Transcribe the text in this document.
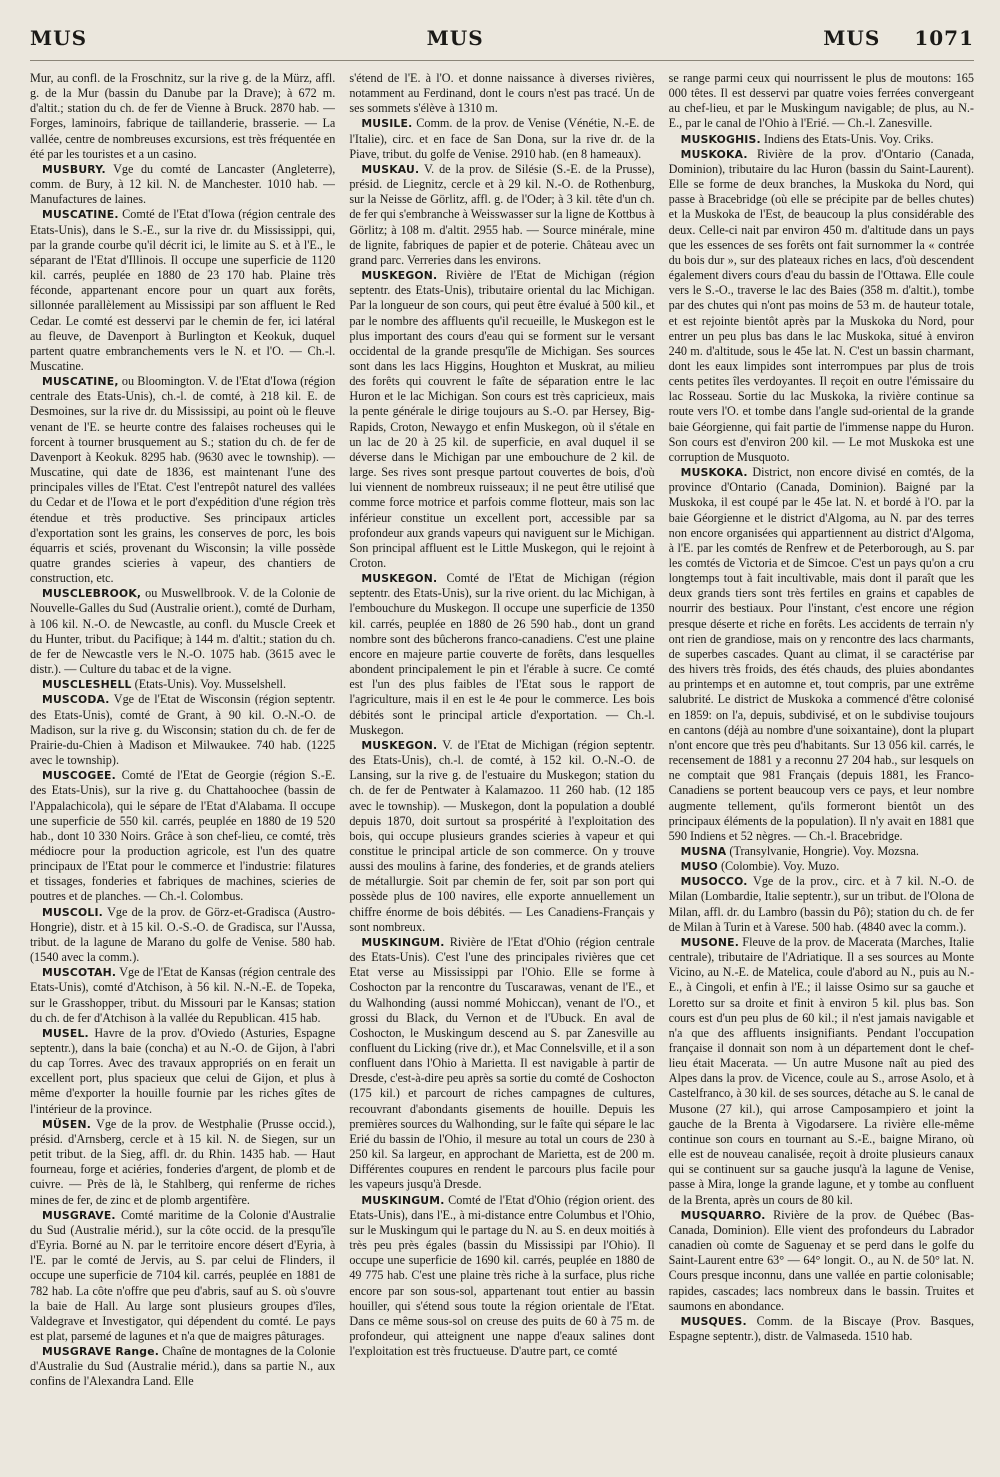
MUS	MUS	MUS 1071

Mur, au confl. de la Froschnitz, sur la rive g. de la Mürz, affl. g. de la Mur (bassin du Danube par la Drave); à 672 m. d'altit.; station du ch. de fer de Vienne à Bruck. 2870 hab. — Forges, laminoirs, fabrique de taillanderie, brasserie. — La vallée, centre de nombreuses excursions, est très fréquentée en été par les touristes et a un casino.

MUSBURY. Vge du comté de Lancaster (Angleterre), comm. de Bury, à 12 kil. N. de Manchester. 1010 hab. — Manufactures de laines.

MUSCATINE. Comté de l'Etat d'Iowa (région centrale des Etats-Unis), dans le S.-E., sur la rive dr. du Mississippi, qui, par la grande courbe qu'il décrit ici, le limite au S. et à l'E., le séparant de l'Etat d'Illinois. Il occupe une superficie de 1120 kil. carrés, peuplée en 1880 de 23 170 hab. Plaine très féconde, appartenant encore pour un quart aux forêts, sillonnée parallèlement au Mississipi par son affluent le Red Cedar. Le comté est desservi par le chemin de fer, ici latéral au fleuve, de Davenport à Burlington et Keokuk, duquel partent quatre embranchements vers le N. et l'O. — Ch.-l. Muscatine.

MUSCATINE, ou Bloomington. V. de l'Etat d'Iowa (région centrale des Etats-Unis), ch.-l. de comté, à 218 kil. E. de Desmoines, sur la rive dr. du Mississipi, au point où le fleuve venant de l'E. se heurte contre des falaises rocheuses qui le forcent à tourner brusquement au S.; station du ch. de fer de Davenport à Keokuk. 8295 hab. (9630 avec le township). — Muscatine, qui date de 1836, est maintenant l'une des principales villes de l'Etat. C'est l'entrepôt naturel des vallées du Cedar et de l'Iowa et le port d'expédition d'une région très étendue et très productive. Ses principaux articles d'exportation sont les grains, les conserves de porc, les bois équarris et sciés, provenant du Wisconsin; la ville possède quatre grandes scieries à vapeur, des chantiers de construction, etc.

MUSCLEBROOK, ou Muswellbrook. V. de la Colonie de Nouvelle-Galles du Sud (Australie orient.), comté de Durham, à 106 kil. N.-O. de Newcastle, au confl. du Muscle Creek et du Hunter, tribut. du Pacifique; à 144 m. d'altit.; station du ch. de fer de Newcastle vers le N.-O. 1075 hab. (3615 avec le distr.). — Culture du tabac et de la vigne.

MUSCLESHELL (Etats-Unis). Voy. Musselshell.

MUSCODA. Vge de l'Etat de Wisconsin (région septentr. des Etats-Unis), comté de Grant, à 90 kil. O.-N.-O. de Madison, sur la rive g. du Wisconsin; station du ch. de fer de Prairie-du-Chien à Madison et Milwaukee. 740 hab. (1225 avec le township).

MUSCOGEE. Comté de l'Etat de Georgie (région S.-E. des Etats-Unis), sur la rive g. du Chattahoochee (bassin de l'Appalachicola), qui le sépare de l'Etat d'Alabama. Il occupe une superficie de 550 kil. carrés, peuplée en 1880 de 19 520 hab., dont 10 330 Noirs. Grâce à son chef-lieu, ce comté, très médiocre pour la production agricole, est l'un des quatre principaux de l'Etat pour le commerce et l'industrie: filatures et tissages, fonderies et fabriques de machines, scieries de poutres et de planches. — Ch.-l. Colombus.

MUSCOLI. Vge de la prov. de Görz-et-Gradisca (Austro-Hongrie), distr. et à 15 kil. O.-S.-O. de Gradisca, sur l'Aussa, tribut. de la lagune de Marano du golfe de Venise. 580 hab. (1540 avec la comm.).

MUSCOTAH. Vge de l'Etat de Kansas (région centrale des Etats-Unis), comté d'Atchison, à 56 kil. N.-N.-E. de Topeka, sur le Grasshopper, tribut. du Missouri par le Kansas; station du ch. de fer d'Atchison à la vallée du Republican. 415 hab.

MUSEL. Havre de la prov. d'Oviedo (Asturies, Espagne septentr.), dans la baie (concha) et au N.-O. de Gijon, à l'abri du cap Torres. Avec des travaux appropriés on en ferait un excellent port, plus spacieux que celui de Gijon, et plus à même d'exporter la houille fournie par les riches gîtes de l'intérieur de la province.

MÜSEN. Vge de la prov. de Westphalie (Prusse occid.), présid. d'Arnsberg, cercle et à 15 kil. N. de Siegen, sur un petit tribut. de la Sieg, affl. dr. du Rhin. 1435 hab. — Haut fourneau, forge et aciéries, fonderies d'argent, de plomb et de cuivre. — Près de là, le Stahlberg, qui renferme de riches mines de fer, de zinc et de plomb argentifère.

MUSGRAVE. Comté maritime de la Colonie d'Australie du Sud (Australie mérid.), sur la côte occid. de la presqu'île d'Eyria. Borné au N. par le territoire encore désert d'Eyria, à l'E. par le comté de Jervis, au S. par celui de Flinders, il occupe une superficie de 7104 kil. carrés, peuplée en 1881 de 782 hab. La côte n'offre que peu d'abris, sauf au S. où s'ouvre la baie de Hall. Au large sont plusieurs groupes d'îles, Valdegrave et Investigator, qui dépendent du comté. Le pays est plat, parsemé de lagunes et n'a que de maigres pâturages.

MUSGRAVE Range. Chaîne de montagnes de la Colonie d'Australie du Sud (Australie mérid.), dans sa partie N., aux confins de l'Alexandra Land. Elle

s'étend de l'E. à l'O. et donne naissance à diverses rivières, notamment au Ferdinand, dont le cours n'est pas tracé. Un de ses sommets s'élève à 1310 m.

MUSILE. Comm. de la prov. de Venise (Vénétie, N.-E. de l'Italie), circ. et en face de San Dona, sur la rive dr. de la Piave, tribut. du golfe de Venise. 2910 hab. (en 8 hameaux).

MUSKAU. V. de la prov. de Silésie (S.-E. de la Prusse), présid. de Liegnitz, cercle et à 29 kil. N.-O. de Rothenburg, sur la Neisse de Görlitz, affl. g. de l'Oder; à 3 kil. tête d'un ch. de fer qui s'embranche à Weisswasser sur la ligne de Kottbus à Görlitz; à 108 m. d'altit. 2955 hab. — Source minérale, mine de lignite, fabriques de papier et de poterie. Château avec un grand parc. Verreries dans les environs.

MUSKEGON. Rivière de l'Etat de Michigan (région septentr. des Etats-Unis), tributaire oriental du lac Michigan. Par la longueur de son cours, qui peut être évalué à 500 kil., et par le nombre des affluents qu'il recueille, le Muskegon est le plus important des cours d'eau qui se forment sur le versant occidental de la grande presqu'île de Michigan. Ses sources sont dans les lacs Higgins, Houghton et Muskrat, au milieu des forêts qui couvrent le faîte de séparation entre le lac Huron et le lac Michigan. Son cours est très capricieux, mais la pente générale le dirige toujours au S.-O. par Hersey, Big-Rapids, Croton, Newaygo et enfin Muskegon, où il s'étale en un lac de 20 à 25 kil. de superficie, en aval duquel il se déverse dans le Michigan par une embouchure de 2 kil. de large. Ses rives sont presque partout couvertes de bois, d'où lui viennent de nombreux ruisseaux; il ne peut être utilisé que comme force motrice et parfois comme flotteur, mais son lac inférieur constitue un excellent port, accessible par sa profondeur aux grands vapeurs qui naviguent sur le Michigan. Son principal affluent est le Little Muskegon, qui le rejoint à Croton.

MUSKEGON. Comté de l'Etat de Michigan (région septentr. des Etats-Unis), sur la rive orient. du lac Michigan, à l'embouchure du Muskegon. Il occupe une superficie de 1350 kil. carrés, peuplée en 1880 de 26 590 hab., dont un grand nombre sont des bûcherons franco-canadiens. C'est une plaine encore en majeure partie couverte de forêts, dans lesquelles abondent principalement le pin et l'érable à sucre. Ce comté est l'un des plus faibles de l'Etat sous le rapport de l'agriculture, mais il en est le 4e pour le commerce. Les bois débités sont le principal article d'exportation. — Ch.-l. Muskegon.

MUSKEGON. V. de l'Etat de Michigan (région septentr. des Etats-Unis), ch.-l. de comté, à 152 kil. O.-N.-O. de Lansing, sur la rive g. de l'estuaire du Muskegon; station du ch. de fer de Pentwater à Kalamazoo. 11 260 hab. (12 185 avec le township). — Muskegon, dont la population a doublé depuis 1870, doit surtout sa prospérité à l'exploitation des bois, qui occupe plusieurs grandes scieries à vapeur et qui constitue le principal article de son commerce. On y trouve aussi des moulins à farine, des fonderies, et de grands ateliers de métallurgie. Soit par chemin de fer, soit par son port qui possède plus de 100 navires, elle exporte annuellement un chiffre énorme de bois débités. — Les Canadiens-Français y sont nombreux.

MUSKINGUM. Rivière de l'Etat d'Ohio (région centrale des Etats-Unis). C'est l'une des principales rivières que cet Etat verse au Mississippi par l'Ohio. Elle se forme à Coshocton par la rencontre du Tuscarawas, venant de l'E., et du Walhonding (aussi nommé Mohiccan), venant de l'O., et grossi du Black, du Vernon et de l'Ubuck. En aval de Coshocton, le Muskingum descend au S. par Zanesville au confluent du Licking (rive dr.), et Mac Connelsville, et il a son confluent dans l'Ohio à Marietta. Il est navigable à partir de Dresde, c'est-à-dire peu après sa sortie du comté de Coshocton (175 kil.) et parcourt de riches campagnes de cultures, recouvrant d'abondants gisements de houille. Depuis les premières sources du Walhonding, sur le faîte qui sépare le lac Erié du bassin de l'Ohio, il mesure au total un cours de 230 à 250 kil. Sa largeur, en approchant de Marietta, est de 200 m. Différentes coupures en rendent le parcours plus facile pour les vapeurs jusqu'à Dresde.

MUSKINGUM. Comté de l'Etat d'Ohio (région orient. des Etats-Unis), dans l'E., à mi-distance entre Columbus et l'Ohio, sur le Muskingum qui le partage du N. au S. en deux moitiés à très peu près égales (bassin du Mississipi par l'Ohio). Il occupe une superficie de 1690 kil. carrés, peuplée en 1880 de 49 775 hab. C'est une plaine très riche à la surface, plus riche encore par son sous-sol, appartenant tout entier au bassin houiller, qui s'étend sous toute la région orientale de l'Etat. Dans ce même sous-sol on creuse des puits de 60 à 75 m. de profondeur, qui atteignent une nappe d'eaux salines dont l'exploitation est très fructueuse. D'autre part, ce comté

se range parmi ceux qui nourrissent le plus de moutons: 165 000 têtes. Il est desservi par quatre voies ferrées convergeant au chef-lieu, et par le Muskingum navigable; de plus, au N.-E., par le canal de l'Ohio à l'Erié. — Ch.-l. Zanesville.

MUSKOGHIS. Indiens des Etats-Unis. Voy. Criks.

MUSKOKA. Rivière de la prov. d'Ontario (Canada, Dominion), tributaire du lac Huron (bassin du Saint-Laurent). Elle se forme de deux branches, la Muskoka du Nord, qui passe à Bracebridge (où elle se précipite par de belles chutes) et la Muskoka de l'Est, de beaucoup la plus considérable des deux. Celle-ci nait par environ 450 m. d'altitude dans un pays que les essences de ses forêts ont fait surnommer la « contrée du bois dur », sur des plateaux riches en lacs, d'où descendent également divers cours d'eau du bassin de l'Ottawa. Elle coule vers le S.-O., traverse le lac des Baies (358 m. d'altit.), tombe par des chutes qui n'ont pas moins de 53 m. de hauteur totale, et est rejointe bientôt après par la Muskoka du Nord, pour entrer un peu plus bas dans le lac Muskoka, situé à environ 240 m. d'altitude, sous le 45e lat. N. C'est un bassin charmant, dont les eaux limpides sont interrompues par plus de trois cents petites îles verdoyantes. Il reçoit en outre l'émissaire du lac Rosseau. Sortie du lac Muskoka, la rivière continue sa route vers l'O. et tombe dans l'angle sud-oriental de la grande baie Géorgienne, qui fait partie de l'immense nappe du Huron. Son cours est d'environ 200 kil. — Le mot Muskoka est une corruption de Musquoto.

MUSKOKA. District, non encore divisé en comtés, de la province d'Ontario (Canada, Dominion). Baigné par la Muskoka, il est coupé par le 45e lat. N. et bordé à l'O. par la baie Géorgienne et le district d'Algoma, au N. par des terres non encore organisées qui appartiennent au district d'Algoma, à l'E. par les comtés de Renfrew et de Peterborough, au S. par les comtés de Victoria et de Simcoe. C'est un pays qu'on a cru longtemps tout à fait incultivable, mais dont il paraît que les deux grands tiers sont très fertiles en grains et capables de nourrir des bestiaux. Pour l'instant, c'est encore une région presque déserte et riche en forêts. Les accidents de terrain n'y ont rien de grandiose, mais on y rencontre des lacs charmants, de superbes cascades. Quant au climat, il se caractérise par des hivers très froids, des étés chauds, des pluies abondantes au printemps et en automne et, tout compris, par une extrême salubrité. Le district de Muskoka a commencé d'être colonisé en 1859: on l'a, depuis, subdivisé, et on le subdivise toujours en cantons (déjà au nombre d'une soixantaine), dont la plupart n'ont encore que très peu d'habitants. Sur 13 056 kil. carrés, le recensement de 1881 y a reconnu 27 204 hab., sur lesquels on ne comptait que 981 Français (depuis 1881, les Franco-Canadiens se portent beaucoup vers ce pays, et leur nombre augmente tellement, qu'ils formeront bientôt un des principaux éléments de la population). Il n'y avait en 1881 que 590 Indiens et 52 nègres. — Ch.-l. Bracebridge.

MUSNA (Transylvanie, Hongrie). Voy. Mozsna.

MUSO (Colombie). Voy. Muzo.

MUSOCCO. Vge de la prov., circ. et à 7 kil. N.-O. de Milan (Lombardie, Italie septentr.), sur un tribut. de l'Olona de Milan, affl. dr. du Lambro (bassin du Pô); station du ch. de fer de Milan à Turin et à Varese. 500 hab. (4840 avec la comm.).

MUSONE. Fleuve de la prov. de Macerata (Marches, Italie centrale), tributaire de l'Adriatique. Il a ses sources au Monte Vicino, au N.-E. de Matelica, coule d'abord au N., puis au N.-E., à Cingoli, et enfin à l'E.; il laisse Osimo sur sa gauche et Loretto sur sa droite et finit à environ 5 kil. plus bas. Son cours est d'un peu plus de 60 kil.; il n'est jamais navigable et n'a que des affluents insignifiants. Pendant l'occupation française il donnait son nom à un département dont le chef-lieu était Macerata. — Un autre Musone naît au pied des Alpes dans la prov. de Vicence, coule au S., arrose Asolo, et à Castelfranco, à 30 kil. de ses sources, détache au S. le canal de Musone (27 kil.), qui arrose Camposampiero et joint la gauche de la Brenta à Vigodarsere. La rivière elle-même continue son cours en tournant au S.-E., baigne Mirano, où elle est de nouveau canalisée, reçoit à droite plusieurs canaux qui se continuent sur sa gauche jusqu'à la lagune de Venise, passe à Mira, longe la grande lagune, et y tombe au confluent de la Brenta, après un cours de 80 kil.

MUSQUARRO. Rivière de la prov. de Québec (Bas-Canada, Dominion). Elle vient des profondeurs du Labrador canadien où comte de Saguenay et se perd dans le golfe du Saint-Laurent entre 63° — 64° longit. O., au N. de 50° lat. N. Cours presque inconnu, dans une vallée en partie colonisable; rapides, cascades; lacs nombreux dans le bassin. Truites et saumons en abondance.

MUSQUES. Comm. de la Biscaye (Prov. Basques, Espagne septentr.), distr. de Valmaseda. 1510 hab.
